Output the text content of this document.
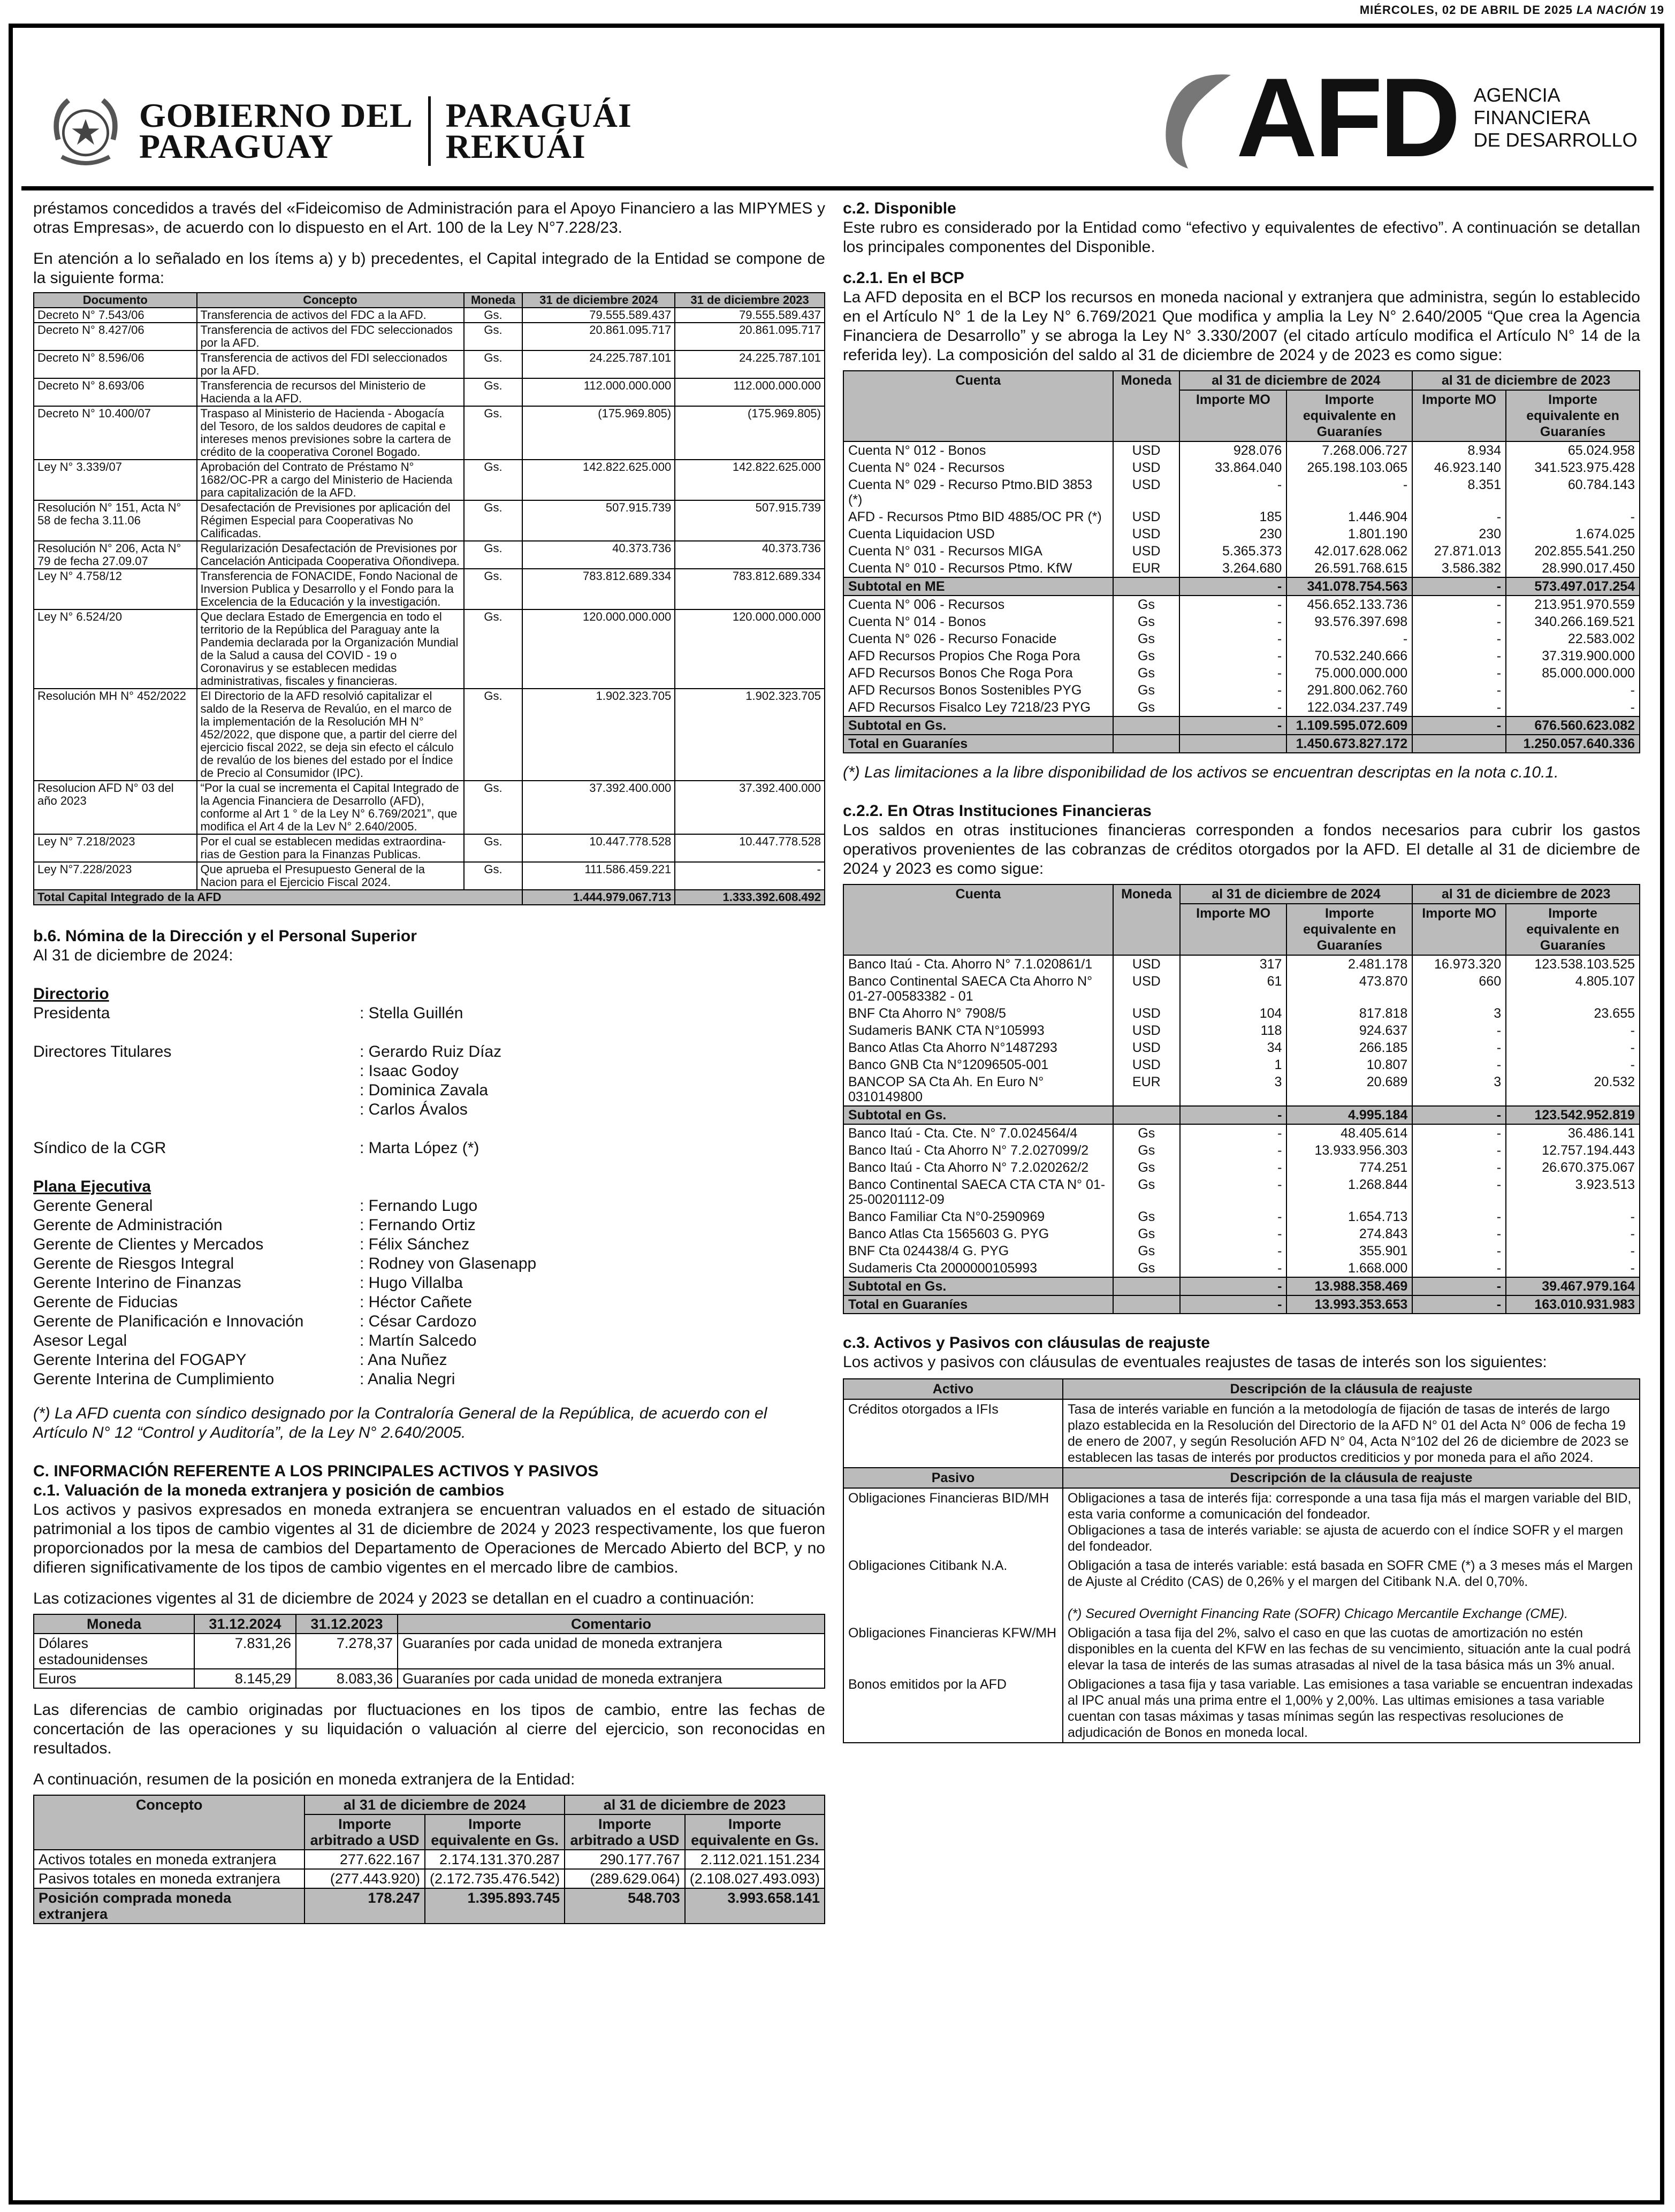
MIÉRCOLES, 02 DE ABRIL DE 2025 LA NACIÓN 19
GOBIERNO DEL
PARAGUAY
PARAGUÁI
REKUÁI	AFD AGENCIA
FINANCIERA
DE DESARROLLO

préstamos concedidos a través del «Fideicomiso de Administración para el Apoyo Financiero a las MIPYMES y otras Empresas», de acuerdo con lo dispuesto en el Art. 100 de la Ley N°7.228/23.

En atención a lo señalado en los ítems a) y b) precedentes, el Capital integrado de la Entidad se compone de la siguiente forma:

Documento	Concepto	Moneda	31 de diciembre 2024	31 de diciembre 2023
Decreto N° 7.543/06	Transferencia de activos del FDC a la AFD.	Gs.	79.555.589.437	79.555.589.437
Decreto N° 8.427/06	Transferencia de activos del FDC seleccionados por la AFD.	Gs.	20.861.095.717	20.861.095.717
Decreto N° 8.596/06	Transferencia de activos del FDI seleccionados por la AFD.	Gs.	24.225.787.101	24.225.787.101
Decreto N° 8.693/06	Transferencia de recursos del Ministerio de Hacienda a la AFD.	Gs.	112.000.000.000	112.000.000.000
Decreto N° 10.400/07	Traspaso al Ministerio de Hacienda - Abogacía del Tesoro, de los saldos deudores de capital e intereses menos previsiones sobre la cartera de crédito de la cooperativa Coronel Bogado.	Gs.	(175.969.805)	(175.969.805)
Ley N° 3.339/07	Aprobación del Contrato de Préstamo N° 1682/OC-PR a cargo del Ministerio de Hacienda para capitalización de la AFD.	Gs.	142.822.625.000	142.822.625.000
Resolución N° 151, Acta N° 58 de fecha 3.11.06	Desafectación de Previsiones por aplicación del Régimen Especial para Cooperativas No Calificadas.	Gs.	507.915.739	507.915.739
Resolución N° 206, Acta N° 79 de fecha 27.09.07	Regularización Desafectación de Previsiones por Cancelación Anticipada Cooperativa Oñondivepa.	Gs.	40.373.736	40.373.736
Ley N° 4.758/12	Transferencia de FONACIDE, Fondo Nacional de Inversion Publica y Desarrollo y el Fondo para la Excelencia de la Educación y la investigación.	Gs.	783.812.689.334	783.812.689.334
Ley N° 6.524/20	Que declara Estado de Emergencia en todo el territorio de la República del Paraguay ante la Pandemia declarada por la Organización Mundial de la Salud a causa del COVID - 19 o Coronavirus y se establecen medidas administrativas, fiscales y financieras.	Gs.	120.000.000.000	120.000.000.000
Resolución MH N° 452/2022	El Directorio de la AFD resolvió capitalizar el saldo de la Reserva de Revalúo, en el marco de la implementación de la Resolución MH N° 452/2022, que dispone que, a partir del cierre del ejercicio fiscal 2022, se deja sin efecto el cálculo de revalúo de los bienes del estado por el Índice de Precio al Consumidor (IPC).	Gs.	1.902.323.705	1.902.323.705
Resolucion AFD N° 03 del año 2023	“Por la cual se incrementa el Capital Integrado de la Agencia Financiera de Desarrollo (AFD), conforme al Art 1 ° de la Ley N° 6.769/2021”, que modifica el Art 4 de la Lev N° 2.640/2005.	Gs.	37.392.400.000	37.392.400.000
Ley N° 7.218/2023	Por el cual se establecen medidas extraordinarias de Gestion para la Finanzas Publicas.	Gs.	10.447.778.528	10.447.778.528
Ley N°7.228/2023	Que aprueba el Presupuesto General de la Nacion para el Ejercicio Fiscal 2024.	Gs.	111.586.459.221	-
Total Capital Integrado de la AFD			1.444.979.067.713	1.333.392.608.492

b.6. Nómina de la Dirección y el Personal Superior

Al 31 de diciembre de 2024:

Directorio

Presidenta	: Stella Guillén

Directores Titulares	: Gerardo Ruiz Díaz

: Isaac Godoy

: Dominica Zavala

: Carlos Ávalos

Síndico de la CGR	: Marta López (*)

Plana Ejecutiva

Gerente General	: Fernando Lugo
Gerente de Administración	: Fernando Ortiz
Gerente de Clientes y Mercados	: Félix Sánchez
Gerente de Riesgos Integral	: Rodney von Glasenapp
Gerente Interino de Finanzas	: Hugo Villalba
Gerente de Fiducias	: Héctor Cañete
Gerente de Planificación e Innovación	: César Cardozo
Asesor Legal	: Martín Salcedo
Gerente Interina del FOGAPY	: Ana Nuñez
Gerente Interina de Cumplimiento	: Analia Negri

(*) La AFD cuenta con síndico designado por la Contraloría General de la República, de acuerdo con el Artículo N° 12 “Control y Auditoría”, de la Ley N° 2.640/2005.

C. INFORMACIÓN REFERENTE A LOS PRINCIPALES ACTIVOS Y PASIVOS

c.1. Valuación de la moneda extranjera y posición de cambios

Los activos y pasivos expresados en moneda extranjera se encuentran valuados en el estado de situación patrimonial a los tipos de cambio vigentes al 31 de diciembre de 2024 y 2023 respectivamente, los que fueron proporcionados por la mesa de cambios del Departamento de Operaciones de Mercado Abierto del BCP, y no difieren significativamente de los tipos de cambio vigentes en el mercado libre de cambios.

Las cotizaciones vigentes al 31 de diciembre de 2024 y 2023 se detallan en el cuadro a continuación:

Moneda	31.12.2024	31.12.2023	Comentario
Dólares estadounidenses	7.831,26	7.278,37	Guaraníes por cada unidad de moneda extranjera
Euros	8.145,29	8.083,36	Guaraníes por cada unidad de moneda extranjera

Las diferencias de cambio originadas por fluctuaciones en los tipos de cambio, entre las fechas de concertación de las operaciones y su liquidación o valuación al cierre del ejercicio, son reconocidas en resultados.

A continuación, resumen de la posición en moneda extranjera de la Entidad:

Concepto	al 31 de diciembre de 2024		al 31 de diciembre de 2023	
	Importe arbitrado a USD	Importe equivalente en Gs.	Importe arbitrado a USD	Importe equivalente en Gs.
Activos totales en moneda extranjera	277.622.167	2.174.131.370.287	290.177.767	2.112.021.151.234
Pasivos totales en moneda extranjera	(277.443.920)	(2.172.735.476.542)	(289.629.064)	(2.108.027.493.093)
Posición comprada moneda extranjera	178.247	1.395.893.745	548.703	3.993.658.141

c.2. Disponible

Este rubro es considerado por la Entidad como “efectivo y equivalentes de efectivo”. A continuación se detallan los principales componentes del Disponible.

c.2.1. En el BCP

La AFD deposita en el BCP los recursos en moneda nacional y extranjera que administra, según lo establecido en el Artículo N° 1 de la Ley N° 6.769/2021 Que modifica y amplia la Ley N° 2.640/2005 “Que crea la Agencia Financiera de Desarrollo” y se abroga la Ley N° 3.330/2007 (el citado artículo modifica el Artículo N° 14 de la referida ley). La composición del saldo al 31 de diciembre de 2024 y de 2023 es como sigue:

Cuenta	Moneda	al 31 de diciembre de 2024		al 31 de diciembre de 2023	
		Importe MO	Importe equivalente en Guaraníes	Importe MO	Importe equivalente en Guaraníes
Cuenta N° 012 - Bonos	USD	928.076	7.268.006.727	8.934	65.024.958
Cuenta N° 024 - Recursos	USD	33.864.040	265.198.103.065	46.923.140	341.523.975.428
Cuenta N° 029 - Recurso Ptmo.BID 3853 (*)	USD	-	-	8.351	60.784.143
AFD - Recursos Ptmo BID 4885/OC PR (*)	USD	185	1.446.904	-	-
Cuenta Liquidacion USD	USD	230	1.801.190	230	1.674.025
Cuenta N° 031 - Recursos MIGA	USD	5.365.373	42.017.628.062	27.871.013	202.855.541.250
Cuenta N° 010 - Recursos Ptmo. KfW	EUR	3.264.680	26.591.768.615	3.586.382	28.990.017.450
Subtotal en ME		-	341.078.754.563	-	573.497.017.254
Cuenta N° 006 - Recursos	Gs	-	456.652.133.736	-	213.951.970.559
Cuenta N° 014 - Bonos	Gs	-	93.576.397.698	-	340.266.169.521
Cuenta N° 026 - Recurso Fonacide	Gs	-	-	-	22.583.002
AFD Recursos Propios Che Roga Pora	Gs	-	70.532.240.666	-	37.319.900.000
AFD Recursos Bonos Che Roga Pora	Gs	-	75.000.000.000	-	85.000.000.000
AFD Recursos Bonos Sostenibles PYG	Gs	-	291.800.062.760	-	-
AFD Recursos Fisalco Ley 7218/23 PYG	Gs	-	122.034.237.749	-	-
Subtotal en Gs.		-	1.109.595.072.609	-	676.560.623.082
Total en Guaraníes			1.450.673.827.172		1.250.057.640.336

(*) Las limitaciones a la libre disponibilidad de los activos se encuentran descriptas en la nota c.10.1.

c.2.2. En Otras Instituciones Financieras

Los saldos en otras instituciones financieras corresponden a fondos necesarios para cubrir los gastos operativos provenientes de las cobranzas de créditos otorgados por la AFD. El detalle al 31 de diciembre de 2024 y 2023 es como sigue:

Cuenta	Moneda	al 31 de diciembre de 2024		al 31 de diciembre de 2023	
		Importe MO	Importe equivalente en Guaraníes	Importe MO	Importe equivalente en Guaraníes
Banco Itaú - Cta. Ahorro N° 7.1.020861/1	USD	317	2.481.178	16.973.320	123.538.103.525
Banco Continental SAECA Cta Ahorro N° 01-27-00583382 - 01	USD	61	473.870	660	4.805.107
BNF Cta Ahorro N° 7908/5	USD	104	817.818	3	23.655
Sudameris BANK CTA N°105993	USD	118	924.637	-	-
Banco Atlas Cta Ahorro N°1487293	USD	34	266.185	-	-
Banco GNB Cta N°12096505-001	USD	1	10.807	-	-
BANCOP SA Cta Ah. En Euro N° 0310149800	EUR	3	20.689	3	20.532
Subtotal en Gs.		-	4.995.184	-	123.542.952.819
Banco Itaú - Cta. Cte. N° 7.0.024564/4	Gs	-	48.405.614	-	36.486.141
Banco Itaú - Cta Ahorro N° 7.2.027099/2	Gs	-	13.933.956.303	-	12.757.194.443
Banco Itaú - Cta Ahorro N° 7.2.020262/2	Gs	-	774.251	-	26.670.375.067
Banco Continental SAECA CTA CTA N° 01-25-00201112-09	Gs	-	1.268.844	-	3.923.513
Banco Familiar Cta N°0-2590969	Gs	-	1.654.713	-	-
Banco Atlas Cta 1565603 G. PYG	Gs	-	274.843	-	-
BNF Cta 024438/4 G. PYG	Gs	-	355.901	-	-
Sudameris Cta 2000000105993	Gs	-	1.668.000	-	-
Subtotal en Gs.		-	13.988.358.469	-	39.467.979.164
Total en Guaraníes		-	13.993.353.653	-	163.010.931.983

c.3. Activos y Pasivos con cláusulas de reajuste

Los activos y pasivos con cláusulas de eventuales reajustes de tasas de interés son los siguientes:

Activo	Descripción de la cláusula de reajuste
Créditos otorgados a IFIs	Tasa de interés variable en función a la metodología de fijación de tasas de interés de largo plazo establecida en la Resolución del Directorio de la AFD N° 01 del Acta N° 006 de fecha 19 de enero de 2007, y según Resolución AFD N° 04, Acta N°102 del 26 de diciembre de 2023 se establecen las tasas de interés por productos crediticios y por moneda para el año 2024.

Pasivo	Descripción de la cláusula de reajuste
Obligaciones Financieras BID/MH	Obligaciones a tasa de interés fija: corresponde a una tasa fija más el margen variable del BID, esta varia conforme a comunicación del fondeador.
Obligaciones a tasa de interés variable: se ajusta de acuerdo con el índice SOFR y el margen del fondeador.

Obligaciones Citibank N.A.	Obligación a tasa de interés variable: está basada en SOFR CME (*) a 3 meses más el Margen de Ajuste al Crédito (CAS) de 0,26% y el margen del Citibank N.A. del 0,70%.
(*) Secured Overnight Financing Rate (SOFR) Chicago Mercantile Exchange (CME).

Obligaciones Financieras KFW/MH	Obligación a tasa fija del 2%, salvo el caso en que las cuotas de amortización no estén disponibles en la cuenta del KFW en las fechas de su vencimiento, situación ante la cual podrá elevar la tasa de interés de las sumas atrasadas al nivel de la tasa básica más un 3% anual.

Bonos emitidos por la AFD	Obligaciones a tasa fija y tasa variable. Las emisiones a tasa variable se encuentran indexadas al IPC anual más una prima entre el 1,00% y 2,00%. Las ultimas emisiones a tasa variable cuentan con tasas máximas y tasas mínimas según las respectivas resoluciones de adjudicación de Bonos en moneda local.
